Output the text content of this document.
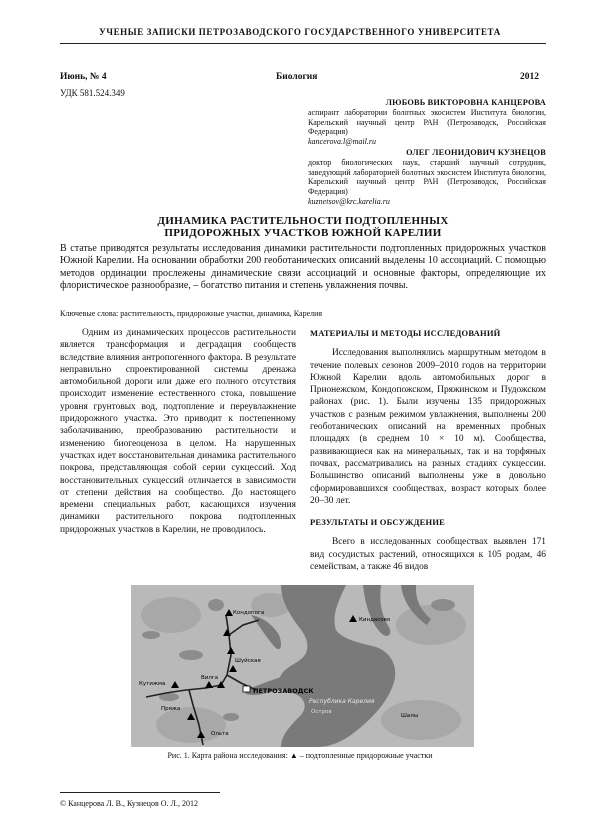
УЧЕНЫЕ ЗАПИСКИ ПЕТРОЗАВОДСКОГО ГОСУДАРСТВЕННОГО УНИВЕРСИТЕТА
Июнь, № 4	Биология	2012
УДК 581.524.349
ЛЮБОВЬ ВИКТОРОВНА КАНЦЕРОВА
аспирант лаборатории болотных экосистем Института биологии, Карельский научный центр РАН (Петрозаводск, Российская Федерация)
kancerova.l@mail.ru
ОЛЕГ ЛЕОНИДОВИЧ КУЗНЕЦОВ
доктор биологических наук, старший научный сотрудник, заведующий лабораторией болотных экосистем Института биологии, Карельский научный центр РАН (Петрозаводск, Российская Федерация)
kuznetsov@krc.karelia.ru
ДИНАМИКА РАСТИТЕЛЬНОСТИ ПОДТОПЛЕННЫХ
ПРИДОРОЖНЫХ УЧАСТКОВ ЮЖНОЙ КАРЕЛИИ
В статье приводятся результаты исследования динамики растительности подтопленных придорожных участков Южной Карелии. На основании обработки 200 геоботанических описаний выделены 10 ассоциаций. С помощью методов ординации прослежены динамические связи ассоциаций и основные факторы, определяющие их флористическое разнообразие, – богатство питания и степень увлажнения почвы.
Ключевые слова: растительность, придорожные участки, динамика, Карелия
Одним из динамических процессов растительности является трансформация и деградация сообществ вследствие влияния антропогенного фактора. В результате неправильно спроектированной системы дренажа автомобильной дороги или даже его полного отсутствия происходит изменение естественного стока, повышение уровня грунтовых вод, подтопление и переувлажнение придорожного участка. Это приводит к постепенному заболачиванию, преобразованию растительности и изменению биогеоценоза в целом. На нарушенных участках идет восстановительная динамика растительного покрова, представляющая собой серии сукцессий. Ход восстановительных сукцессий отличается в зависимости от степени действия на сообщество. До настоящего времени специальных работ, касающихся изучения динамики растительного покрова подтопленных придорожных участков в Карелии, не проводилось.
МАТЕРИАЛЫ И МЕТОДЫ ИССЛЕДОВАНИЙ

Исследования выполнялись маршрутным методом в течение полевых сезонов 2009–2010 годов на территории Южной Карелии вдоль автомобильных дорог в Прионежском, Кондопожском, Пряжинском и Пудожском районах (рис. 1). Были изучены 135 придорожных участков с разным режимом увлажнения, выполнены 200 геоботанических описаний на временных пробных площадях (в среднем 10 × 10 м). Сообщества, развивающиеся как на минеральных, так и на торфяных почвах, рассматривались на разных стадиях сукцессии. Большинство описаний выполнены уже в довольно сформировавшихся сообществах, возраст которых более 20–30 лет.

РЕЗУЛЬТАТЫ И ОБСУЖДЕНИЕ

Всего в исследованных сообществах выявлен 171 вид сосудистых растений, относящихся к 105 родам, 46 семействам, а также 46 видов

Кондопога
Шуйская
Кутижма
Вилга
Пряжа
Ольта
Киндасово
Шалы
Остров
ПЕТРОЗАВОДСК
Республика Карелия
Рис. 1. Карта района исследования: ▲ – подтопленные придорожные участки
© Канцерова Л. В., Кузнецов О. Л., 2012
